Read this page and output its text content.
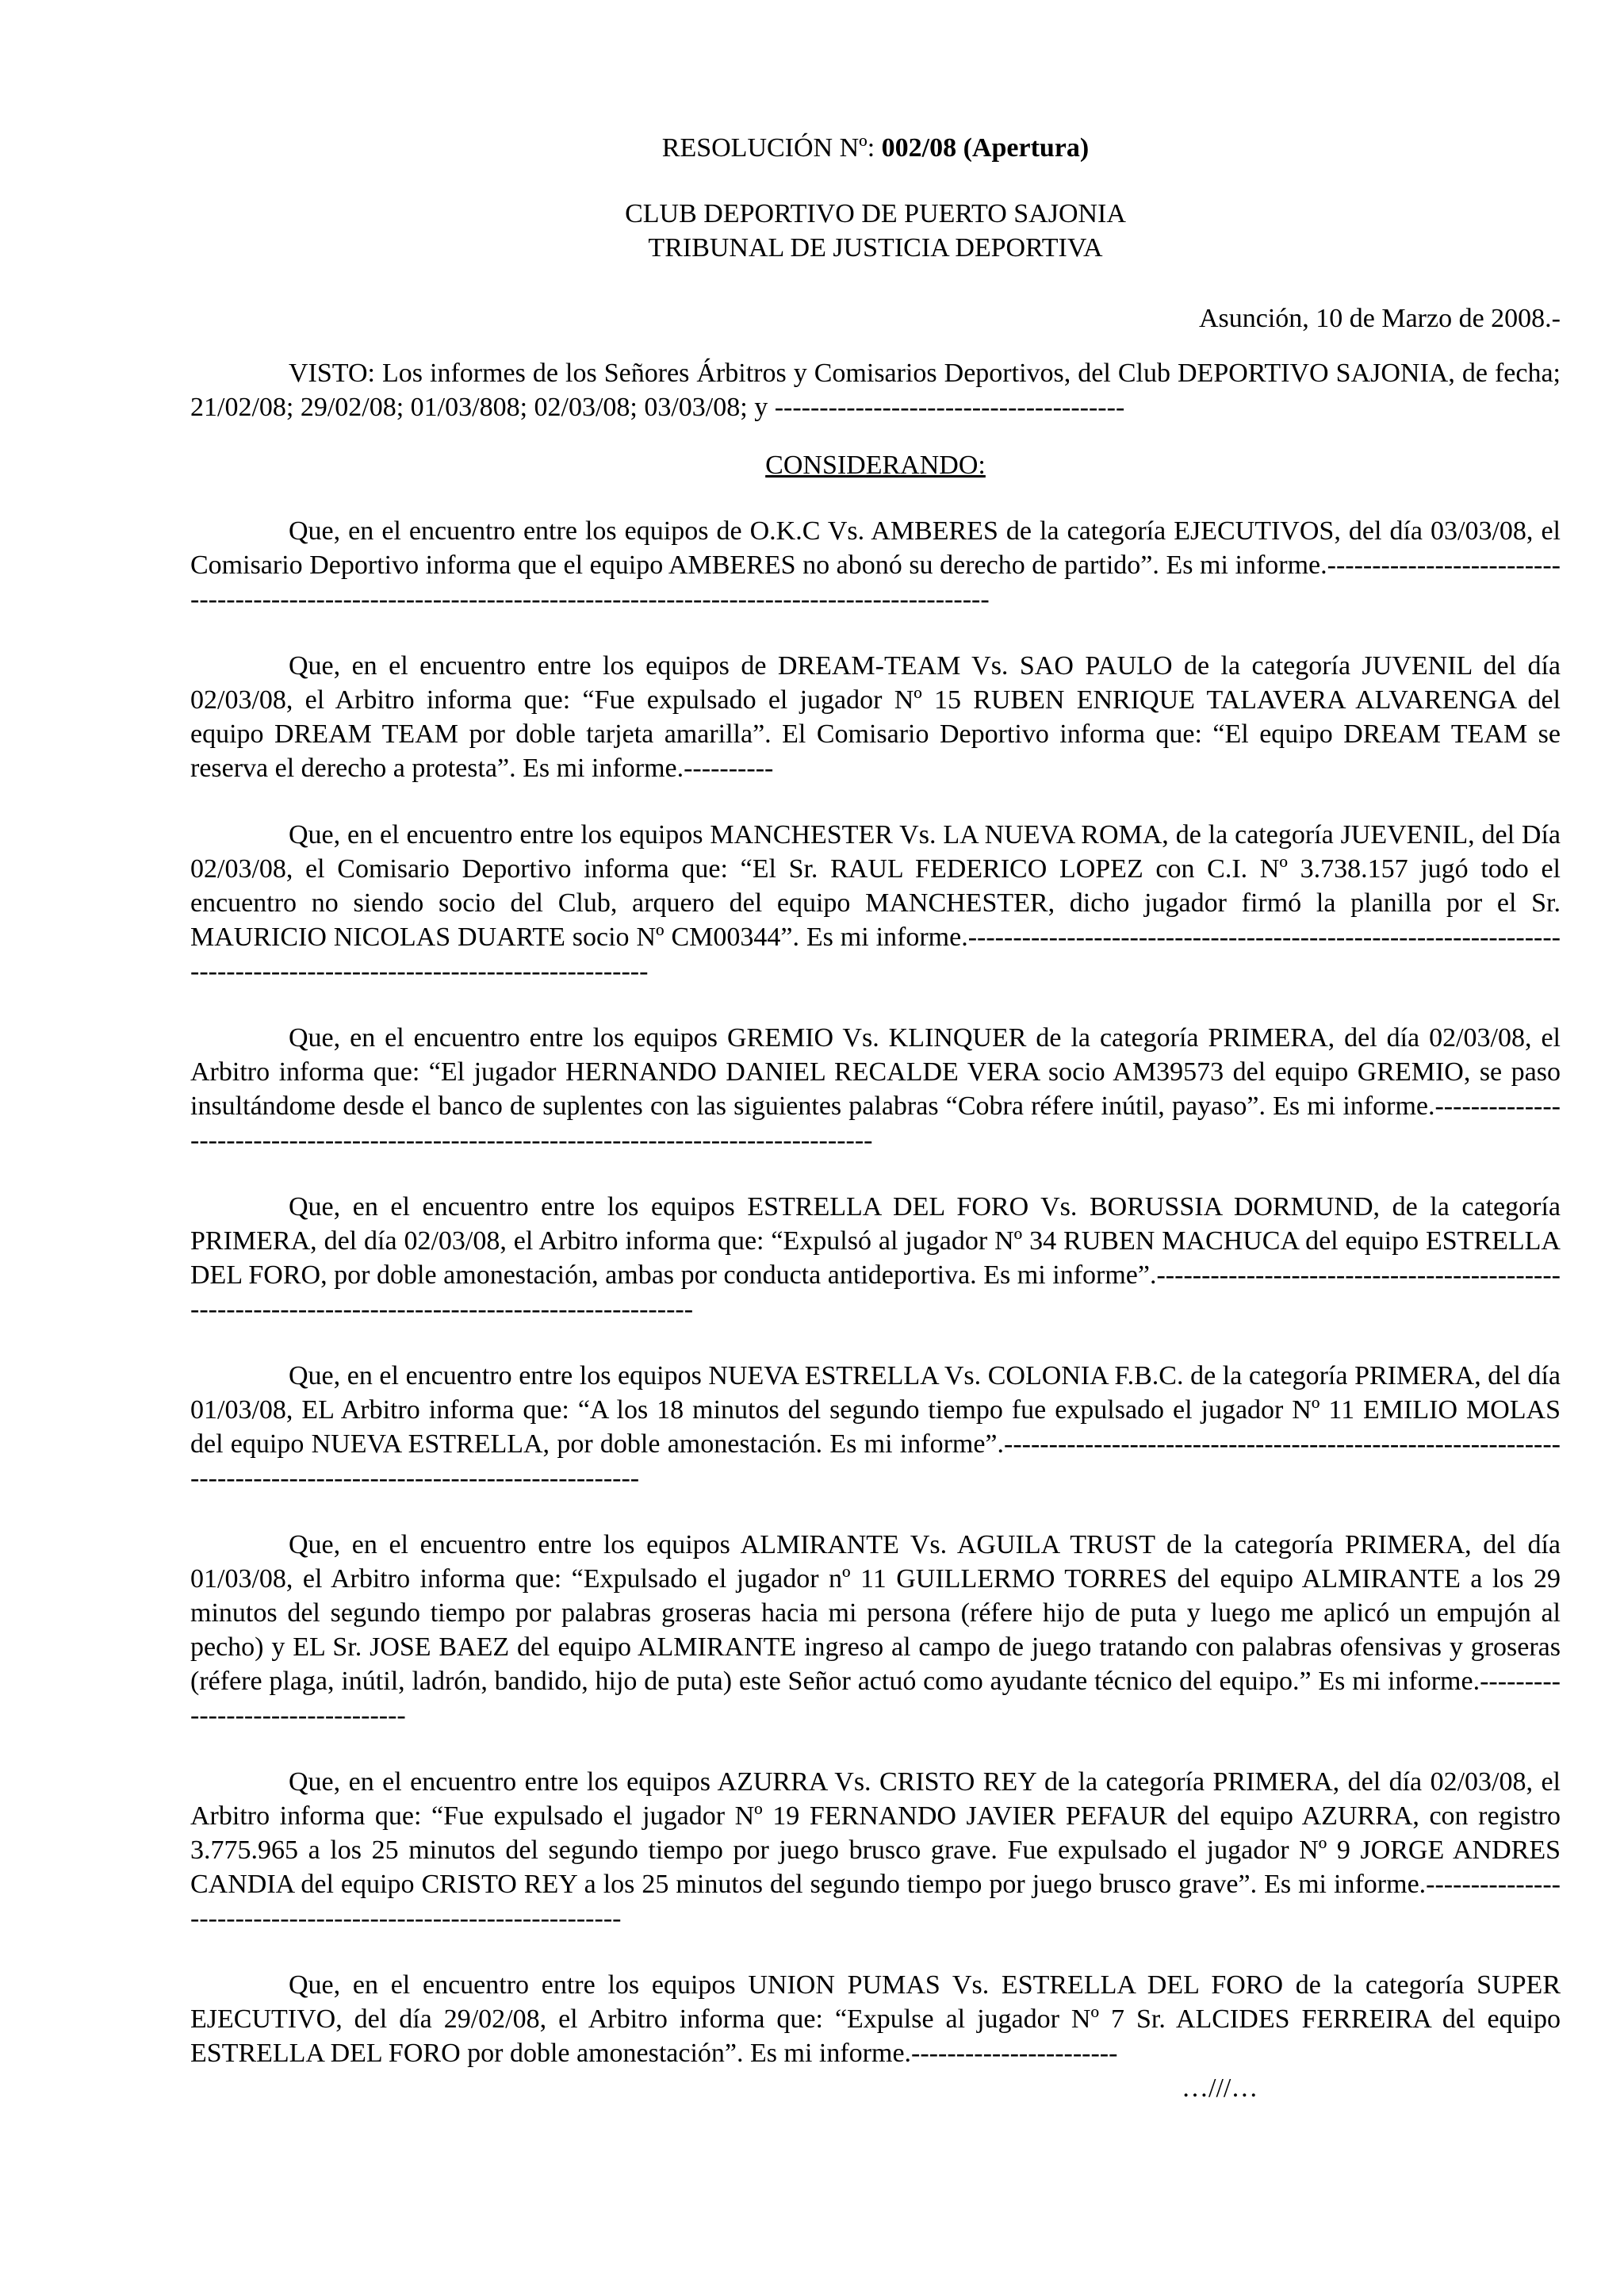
RESOLUCIÓN Nº: 002/08 (Apertura)

CLUB DEPORTIVO DE PUERTO SAJONIA

TRIBUNAL DE JUSTICIA DEPORTIVA

Asunción, 10 de Marzo de 2008.-

VISTO: Los informes de los Señores Árbitros y Comisarios Deportivos, del Club DEPORTIVO SAJONIA, de fecha; 21/02/08; 29/02/08; 01/03/808; 02/03/08; 03/03/08; y ---------------------------------------

CONSIDERANDO:

Que, en el encuentro entre los equipos de O.K.C Vs. AMBERES de la categoría EJECUTIVOS, del día 03/03/08, el Comisario Deportivo informa que el equipo AMBERES no abonó su derecho de partido”. Es mi informe.-------------------------------------------------------------------------------------------------------------------

Que, en el encuentro entre los equipos de DREAM-TEAM Vs. SAO PAULO de la categoría JUVENIL del día 02/03/08, el Arbitro informa que: “Fue expulsado el jugador Nº 15 RUBEN ENRIQUE TALAVERA ALVARENGA del equipo DREAM TEAM por doble tarjeta amarilla”. El Comisario Deportivo informa que: “El equipo DREAM TEAM se reserva el derecho a protesta”. Es mi informe.----------

Que, en el encuentro entre los equipos MANCHESTER Vs. LA NUEVA ROMA, de la categoría JUEVENIL, del Día 02/03/08, el Comisario Deportivo informa que: “El Sr. RAUL FEDERICO LOPEZ con C.I. Nº 3.738.157 jugó todo el encuentro no siendo socio del Club, arquero del equipo MANCHESTER, dicho jugador firmó la planilla por el Sr. MAURICIO NICOLAS DUARTE socio Nº CM00344”. Es mi informe.---------------------------------------------------------------------------------------------------------------------

Que, en el encuentro entre los equipos GREMIO Vs. KLINQUER de la categoría PRIMERA, del día 02/03/08, el Arbitro informa que: “El jugador HERNANDO DANIEL RECALDE VERA socio AM39573 del equipo GREMIO, se paso insultándome desde el banco de suplentes con las siguientes palabras “Cobra réfere inútil, payaso”. Es mi informe.------------------------------------------------------------------------------------------

Que, en el encuentro entre los equipos ESTRELLA DEL FORO Vs. BORUSSIA DORMUND, de la categoría PRIMERA, del día 02/03/08, el Arbitro informa que: “Expulsó al jugador Nº 34 RUBEN MACHUCA del equipo ESTRELLA DEL FORO, por doble amonestación, ambas por conducta antideportiva. Es mi informe”.-----------------------------------------------------------------------------------------------------

Que, en el encuentro entre los equipos NUEVA ESTRELLA Vs. COLONIA F.B.C. de la categoría PRIMERA, del día 01/03/08, EL Arbitro informa que: “A los 18 minutos del segundo tiempo fue expulsado el jugador Nº 11 EMILIO MOLAS del equipo NUEVA ESTRELLA, por doble amonestación. Es mi informe”.----------------------------------------------------------------------------------------------------------------

Que, en el encuentro entre los equipos ALMIRANTE Vs. AGUILA TRUST de la categoría PRIMERA, del día 01/03/08, el Arbitro informa que: “Expulsado el jugador nº 11 GUILLERMO TORRES del equipo ALMIRANTE a los 29 minutos del segundo tiempo por palabras groseras hacia mi persona (réfere hijo de puta y luego me aplicó un empujón al pecho) y EL Sr. JOSE BAEZ del equipo ALMIRANTE ingreso al campo de juego tratando con palabras ofensivas y groseras (réfere plaga, inútil, ladrón, bandido, hijo de puta) este Señor actuó como ayudante técnico del equipo.” Es mi informe.---------------------------------

Que, en el encuentro entre los equipos AZURRA Vs. CRISTO REY de la categoría PRIMERA, del día 02/03/08, el Arbitro informa que: “Fue expulsado el jugador Nº 19 FERNANDO JAVIER PEFAUR del equipo AZURRA, con registro 3.775.965 a los 25 minutos del segundo tiempo por juego brusco grave. Fue expulsado el jugador Nº 9 JORGE ANDRES CANDIA del equipo CRISTO REY a los 25 minutos del segundo tiempo por juego brusco grave”. Es mi informe.---------------------------------------------------------------

Que, en el encuentro entre los equipos UNION PUMAS Vs. ESTRELLA DEL FORO de la categoría SUPER EJECUTIVO, del día 29/02/08, el Arbitro informa que: “Expulse al jugador Nº 7 Sr. ALCIDES FERREIRA del equipo ESTRELLA DEL FORO por doble amonestación”. Es mi informe.-----------------------

…///…
